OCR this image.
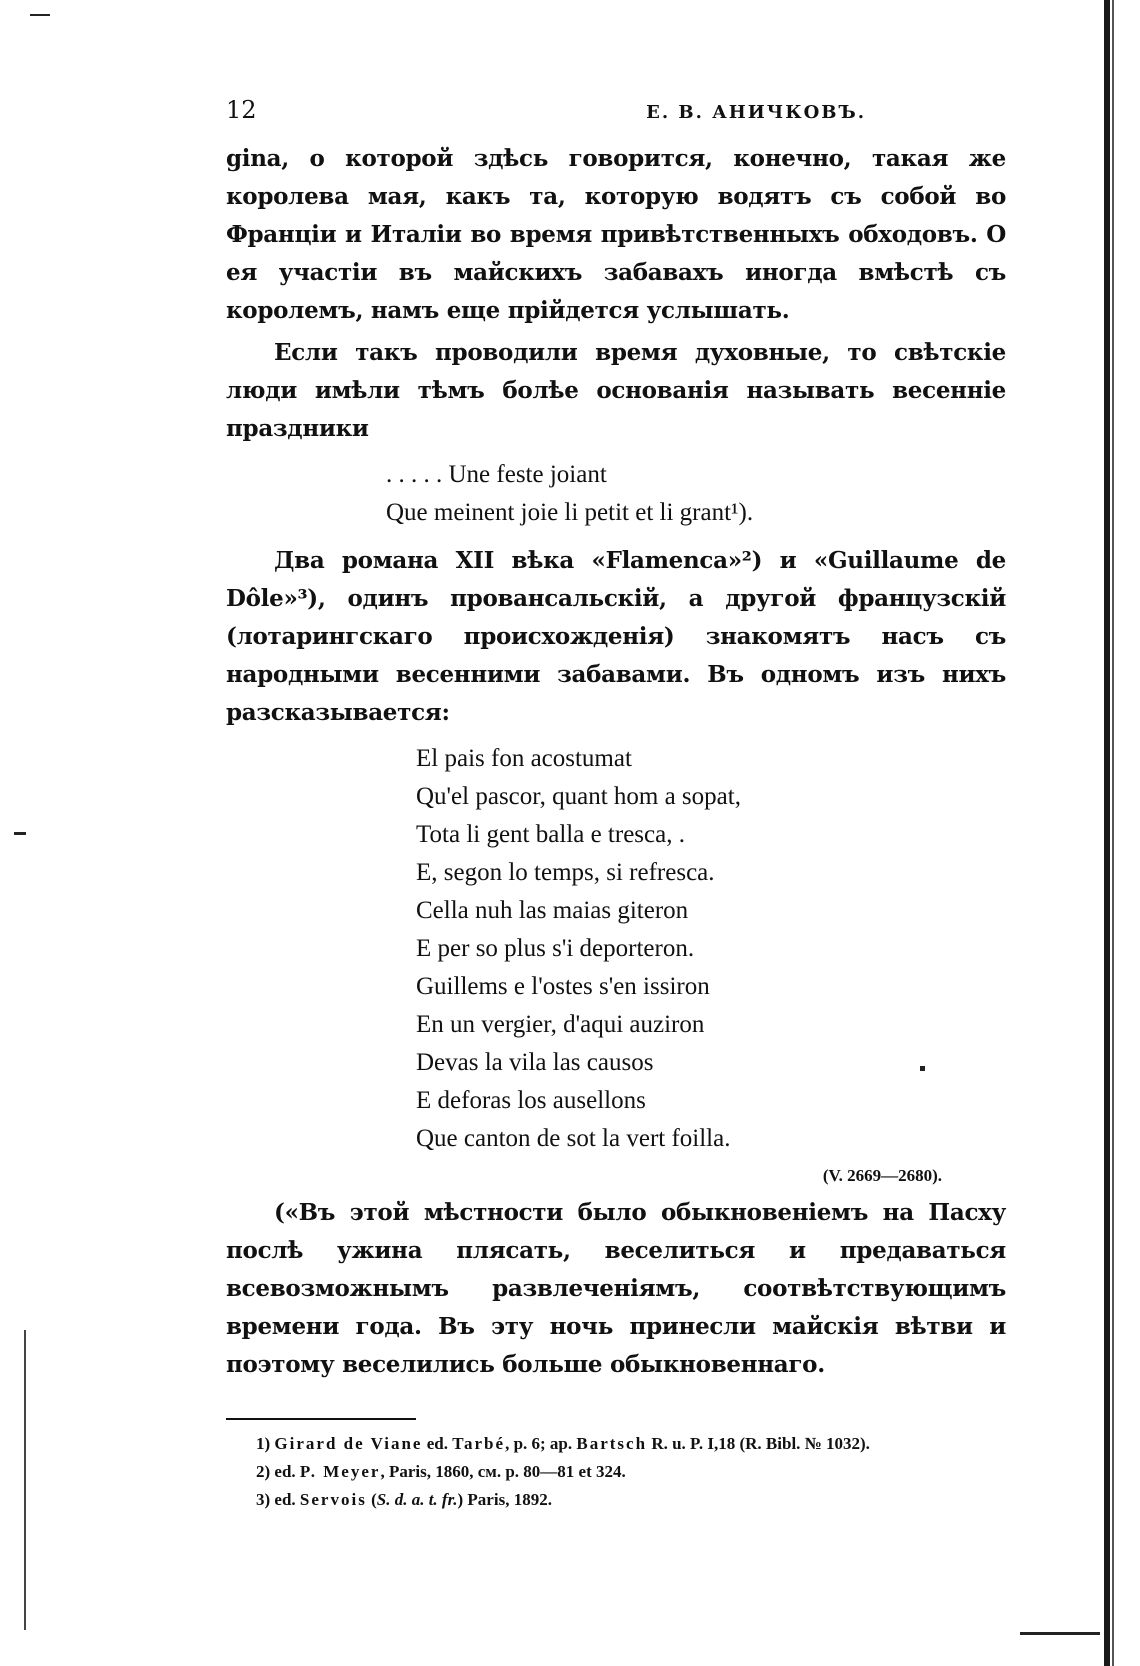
12	Е. В. АНИЧКОВЪ.

gina, о которой здѣсь говорится, конечно, такая же королева мая, какъ та, которую водятъ съ собой во Франціи и Италіи во время привѣтственныхъ обходовъ. О ея участіи въ майскихъ забавахъ иногда вмѣстѣ съ королемъ, намъ еще прійдется услышать.

Если такъ проводили время духовные, то свѣтскіе люди имѣли тѣмъ болѣе основанія называть весенніе праздники

. . . . . Une feste joiant
Que meinent joie li petit et li grant¹).

Два романа XII вѣка «Flamenca»²) и «Guillaume de Dôle»³), одинъ провансальскій, а другой французскій (лотарингскаго происхожденія) знакомятъ насъ съ народными весенними забавами. Въ одномъ изъ нихъ разсказывается:

El pais fon acostumat
Qu'el pascor, quant hom a sopat,
Tota li gent balla e tresca, .
E, segon lo temps, si refresca.
Cella nuh las maias giteron
E per so plus s'i deporteron.
Guillems e l'ostes s'en issiron
En un vergier, d'aqui auziron
Devas la vila las causos
E deforas los ausellons
Que canton de sot la vert foilla.
(V. 2669—2680).

(«Въ этой мѣстности было обыкновеніемъ на Пасху послѣ ужина плясать, веселиться и предаваться всевозможнымъ развлеченіямъ, соотвѣтствующимъ времени года. Въ эту ночь принесли майскія вѣтви и поэтому веселились больше обыкновеннаго.

1) Girard de Viane ed. Tarbé, p. 6; ap. Bartsch R. u. P. I,18 (R. Bibl. № 1032).
2) ed. P. Meyer, Paris, 1860, см. р. 80—81 et 324.
3) ed. Servois (S. d. a. t. fr.) Paris, 1892.
